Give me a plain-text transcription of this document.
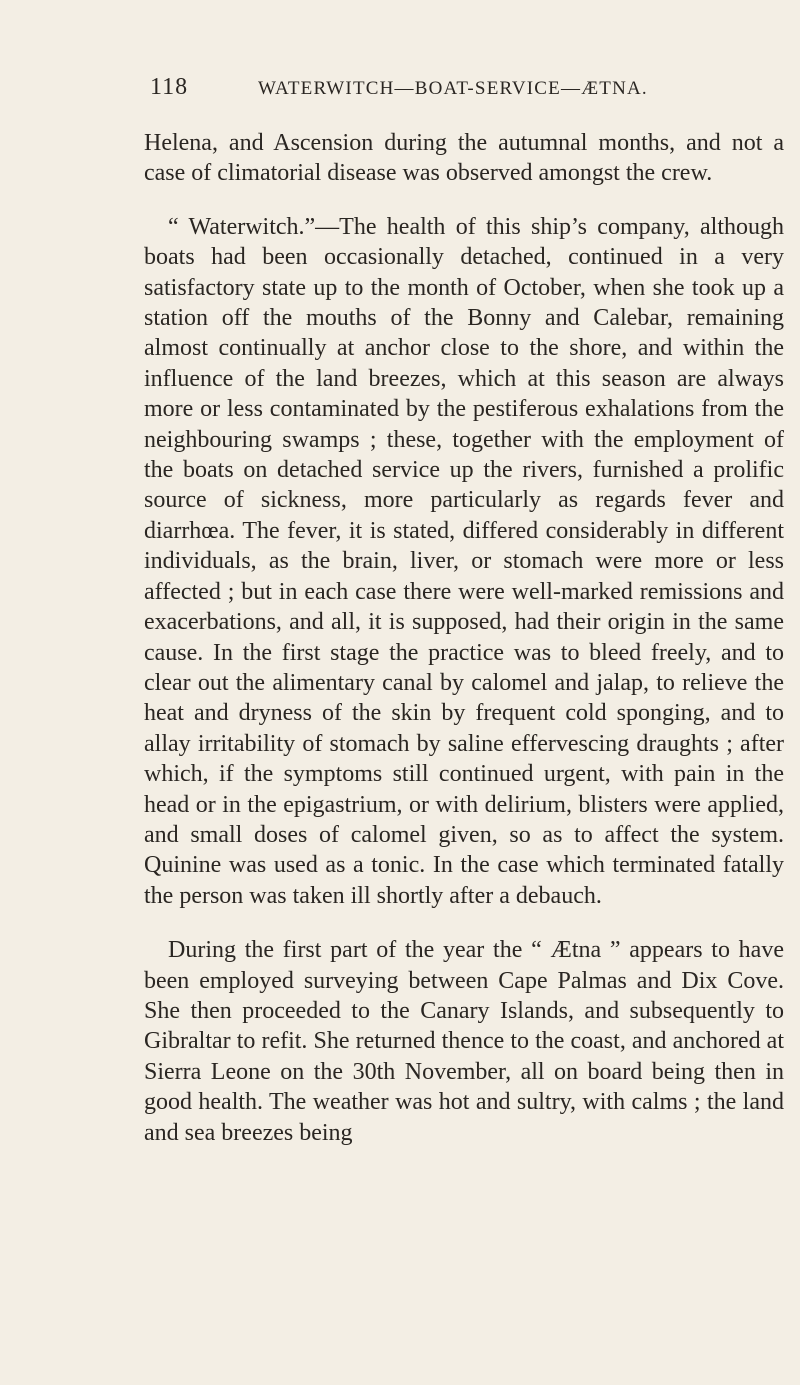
118	WATERWITCH—BOAT-SERVICE—ÆTNA.

Helena, and Ascension during the autumnal months, and not a case of climatorial disease was observed amongst the crew.

“ Waterwitch.”—The health of this ship’s company, although boats had been occasionally detached, continued in a very satisfactory state up to the month of October, when she took up a station off the mouths of the Bonny and Calebar, remaining almost continually at anchor close to the shore, and within the influence of the land breezes, which at this season are always more or less contaminated by the pestiferous exhalations from the neighbouring swamps ; these, together with the employment of the boats on detached service up the rivers, furnished a prolific source of sickness, more particularly as regards fever and diarrhœa. The fever, it is stated, differed considerably in different individuals, as the brain, liver, or stomach were more or less affected ; but in each case there were well-marked remissions and exacerbations, and all, it is supposed, had their origin in the same cause. In the first stage the practice was to bleed freely, and to clear out the alimentary canal by calomel and jalap, to relieve the heat and dryness of the skin by frequent cold sponging, and to allay irritability of stomach by saline effervescing draughts ; after which, if the symptoms still continued urgent, with pain in the head or in the epigastrium, or with delirium, blisters were applied, and small doses of calomel given, so as to affect the system. Quinine was used as a tonic. In the case which terminated fatally the person was taken ill shortly after a debauch.

During the first part of the year the “ Ætna ” appears to have been employed surveying between Cape Palmas and Dix Cove. She then proceeded to the Canary Islands, and subsequently to Gibraltar to refit. She returned thence to the coast, and anchored at Sierra Leone on the 30th November, all on board being then in good health. The weather was hot and sultry, with calms ; the land and sea breezes being
